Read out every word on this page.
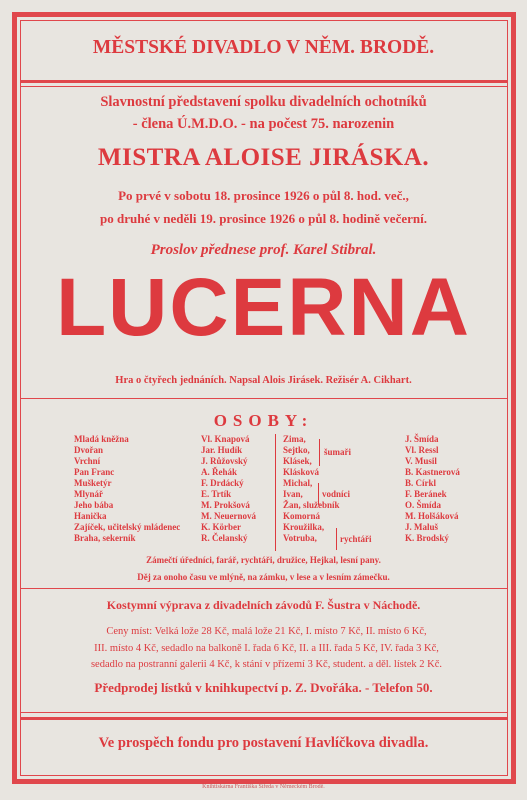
MĚSTSKÉ DIVADLO V NĚM. BRODĚ.
Slavnostní představení spolku divadelních ochotníků
- člena Ú.M.D.O. - na počest 75. narozenin
MISTRA ALOISE JIRÁSKA.
Po prvé v sobotu 18. prosince 1926 o půl 8. hod. več.,
po druhé v neděli 19. prosince 1926 o půl 8. hodině večerní.
Proslov přednese prof. Karel Stibral.
LUCERNA
Hra o čtyřech jednáních. Napsal Alois Jirásek. Režisér A. Cikhart.
OSOBY:
Mladá kněžna
Dvořan
Vrchní
Pan Franc
Mušketýr
Mlynář
Jeho bába
Hanička
Zajíček, učitelský mládenec
Braha, sekerník
Vl. Knapová
Jar. Hudík
J. Růžovský
A. Řehák
F. Drdácký
E. Trtík
M. Prokšová
M. Neuernová
K. Körber
R. Čelanský
Zima,
Sejtko,
Klásek,
Klásková
Michal,
Ivan,
Žan, služebník
Komorná
Kroužilka,
Votruba,
šumaři
vodníci
rychtáři
J. Šmída
Vl. Ressl
V. Musil
B. Kastnerová
B. Církl
F. Beránek
O. Šmída
M. Holšáková
J. Maluš
K. Brodský
Zámečtí úředníci, farář, rychtáři, družice, Hejkal, lesní pany.
Děj za onoho času ve mlýně, na zámku, v lese a v lesním zámečku.
Kostymní výprava z divadelních závodů F. Šustra v Náchodě.
Ceny míst: Velká lože 28 Kč, malá lože 21 Kč, I. místo 7 Kč, II. místo 6 Kč,
III. místo 4 Kč, sedadlo na balkoně I. řada 6 Kč, II. a III. řada 5 Kč, IV. řada 3 Kč,
sedadlo na postranní galerii 4 Kč, k stání v přízemí 3 Kč, student. a děl. lístek 2 Kč.
Předprodej lístků v knihkupectví p. Z. Dvořáka. - Telefon 50.
Ve prospěch fondu pro postavení Havlíčkova divadla.
Knihtiskárna Františka Šíředa v Německém Brodě.
